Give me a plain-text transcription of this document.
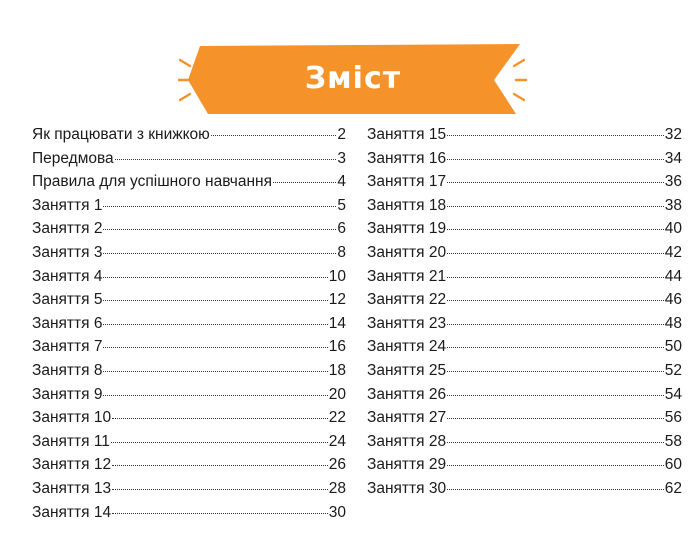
Зміст
Як працювати з книжкою	2
Передмова	3
Правила для успішного навчання	4
Заняття 1	5
Заняття 2	6
Заняття 3	8
Заняття 4	10
Заняття 5	12
Заняття 6	14
Заняття 7	16
Заняття 8	18
Заняття 9	20
Заняття 10	22
Заняття 11	24
Заняття 12	26
Заняття 13	28
Заняття 14	30
Заняття 15	32
Заняття 16	34
Заняття 17	36
Заняття 18	38
Заняття 19	40
Заняття 20	42
Заняття 21	44
Заняття 22	46
Заняття 23	48
Заняття 24	50
Заняття 25	52
Заняття 26	54
Заняття 27	56
Заняття 28	58
Заняття 29	60
Заняття 30	62
